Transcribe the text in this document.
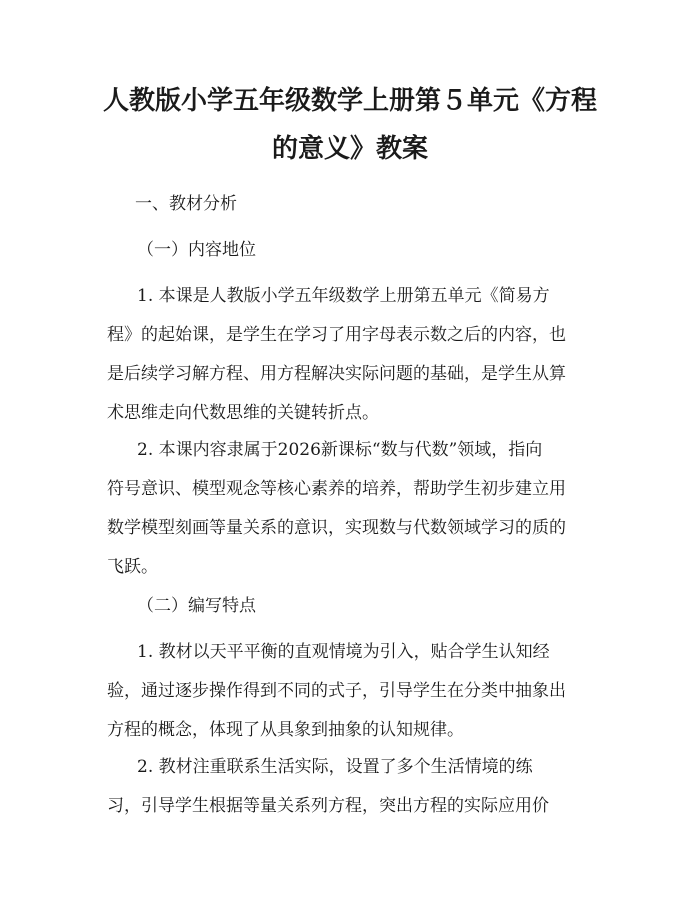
人教版小学五年级数学上册第５单元《方程
的意义》教案

一、教材分析

（一）内容地位

1. 本课是人教版小学五年级数学上册第五单元《简易方
程》的起始课，是学生在学习了用字母表示数之后的内容，也
是后续学习解方程、用方程解决实际问题的基础，是学生从算
术思维走向代数思维的关键转折点。
2. 本课内容隶属于2026新课标“数与代数”领域，指向
符号意识、模型观念等核心素养的培养，帮助学生初步建立用
数学模型刻画等量关系的意识，实现数与代数领域学习的质的
飞跃。

（二）编写特点

1. 教材以天平平衡的直观情境为引入，贴合学生认知经
验，通过逐步操作得到不同的式子，引导学生在分类中抽象出
方程的概念，体现了从具象到抽象的认知规律。
2. 教材注重联系生活实际，设置了多个生活情境的练
习，引导学生根据等量关系列方程，突出方程的实际应用价
